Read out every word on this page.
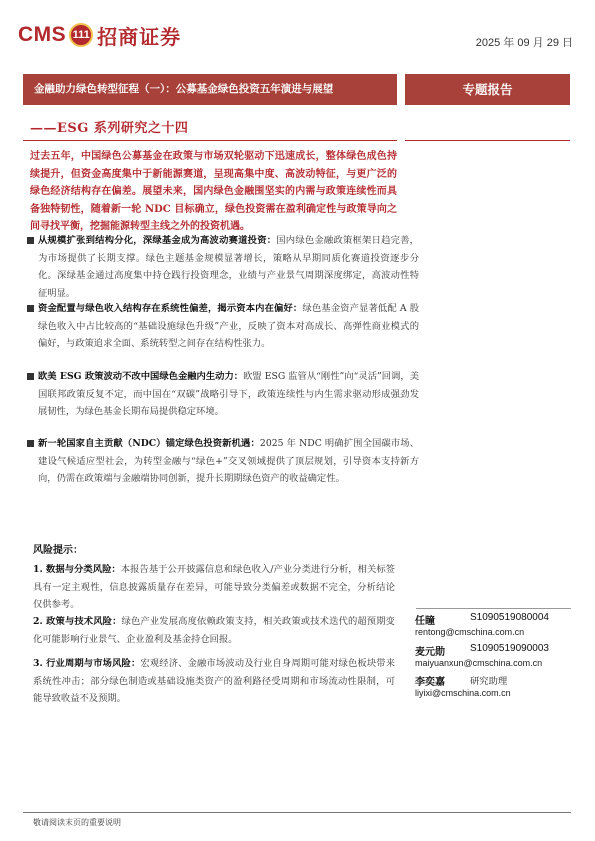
CMS 111 招商证券	2025 年 09 月 29 日
金融助力绿色转型征程（一）：公募基金绿色投资五年演进与展望	专题报告
——ESG 系列研究之十四
过去五年，中国绿色公募基金在政策与市场双轮驱动下迅速成长，整体绿色成色持续提升，但资金高度集中于新能源赛道，呈现高集中度、高波动特征，与更广泛的绿色经济结构存在偏差。展望未来，国内绿色金融围坚实的内需与政策连续性而具备独特韧性，随着新一轮 NDC 目标确立，绿色投资需在盈利确定性与政策导向之间寻找平衡，挖掘能源转型主线之外的投资机遇。
从规模扩张到结构分化，深绿基金成为高波动赛道投资：国内绿色金融政策框架日趋完善，为市场提供了长期支撑。绿色主题基金规模显著增长，策略从早期同质化赛道投资逐步分化。深绿基金通过高度集中持仓践行投资理念，业绩与产业景气周期深度绑定，高波动性特征明显。
资金配置与绿色收入结构存在系统性偏差，揭示资本内在偏好：绿色基金资产显著低配 A 股绿色收入中占比较高的“基础设施绿色升级”产业，反映了资本对高成长、高弹性商业模式的偏好，与政策追求全面、系统转型之间存在结构性张力。
欧美 ESG 政策波动不改中国绿色金融内生动力：欧盟 ESG 监管从“刚性”向“灵活”回调，美国联邦政策反复不定，而中国在“双碳”战略引导下，政策连续性与内生需求驱动形成强劲发展韧性，为绿色基金长期布局提供稳定环境。
新一轮国家自主贡献（NDC）锚定绿色投资新机遇：2025 年 NDC 明确扩围全国碳市场、建设气候适应型社会，为转型金融与“绿色+”交叉领域提供了顶层规划，引导资本支持新方向，仍需在政策端与金融端协同创新，提升长期期绿色资产的收益确定性。
风险提示：
1. 数据与分类风险：本报告基于公开披露信息和绿色收入/产业分类进行分析，相关标签具有一定主观性，信息披露质量存在差异，可能导致分类偏差或数据不完全，分析结论仅供参考。
2. 政策与技术风险：绿色产业发展高度依赖政策支持，相关政策或技术迭代的超预期变化可能影响行业景气、企业盈利及基金持仓回报。
3. 行业周期与市场风险：宏观经济、金融市场波动及行业自身周期可能对绿色板块带来系统性冲击；部分绿色制造或基础设施类资产的盈利路径受周期和市场流动性限制，可能导致收益不及预期。
任瞳	S1090519080004
rentong@cmschina.com.cn
麦元勋	S1090519090003
maiyuanxun@cmschina.com.cn
李奕嘉	研究助理
liyixi@cmschina.com.cn
敬请阅读末页的重要说明
